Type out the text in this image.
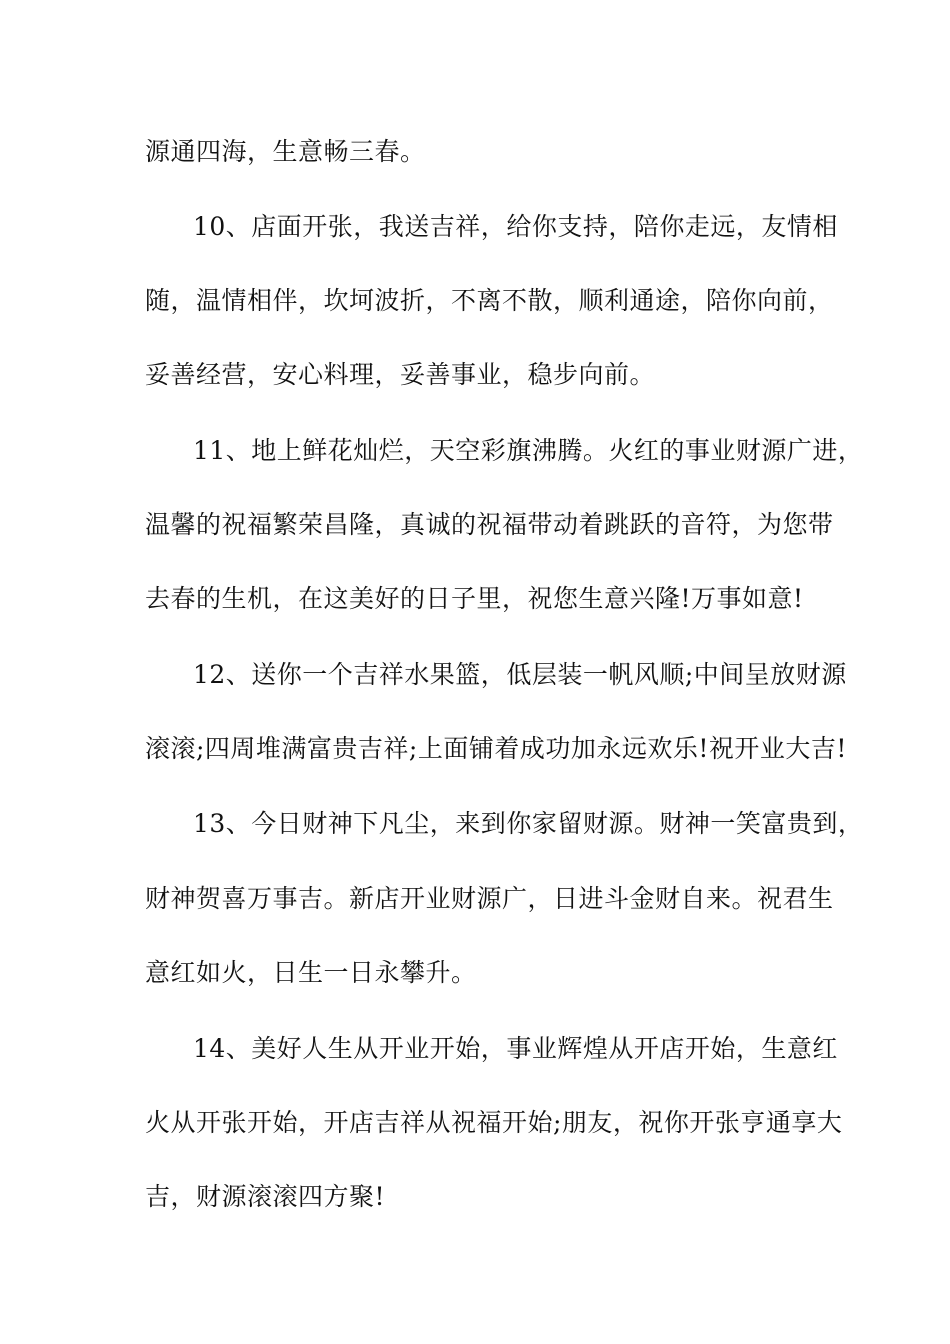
源通四海，生意畅三春。

10、店面开张，我送吉祥，给你支持，陪你走远，友情相

随，温情相伴，坎坷波折，不离不散，顺利通途，陪你向前，

妥善经营，安心料理，妥善事业，稳步向前。

11、地上鲜花灿烂，天空彩旗沸腾。火红的事业财源广进，

温馨的祝福繁荣昌隆，真诚的祝福带动着跳跃的音符，为您带

去春的生机，在这美好的日子里，祝您生意兴隆!万事如意!

12、送你一个吉祥水果篮，低层装一帆风顺;中间呈放财源

滚滚;四周堆满富贵吉祥;上面铺着成功加永远欢乐!祝开业大吉!

13、今日财神下凡尘，来到你家留财源。财神一笑富贵到，

财神贺喜万事吉。新店开业财源广，日进斗金财自来。祝君生

意红如火，日生一日永攀升。

14、美好人生从开业开始，事业辉煌从开店开始，生意红

火从开张开始，开店吉祥从祝福开始;朋友，祝你开张亨通享大

吉，财源滚滚四方聚!
